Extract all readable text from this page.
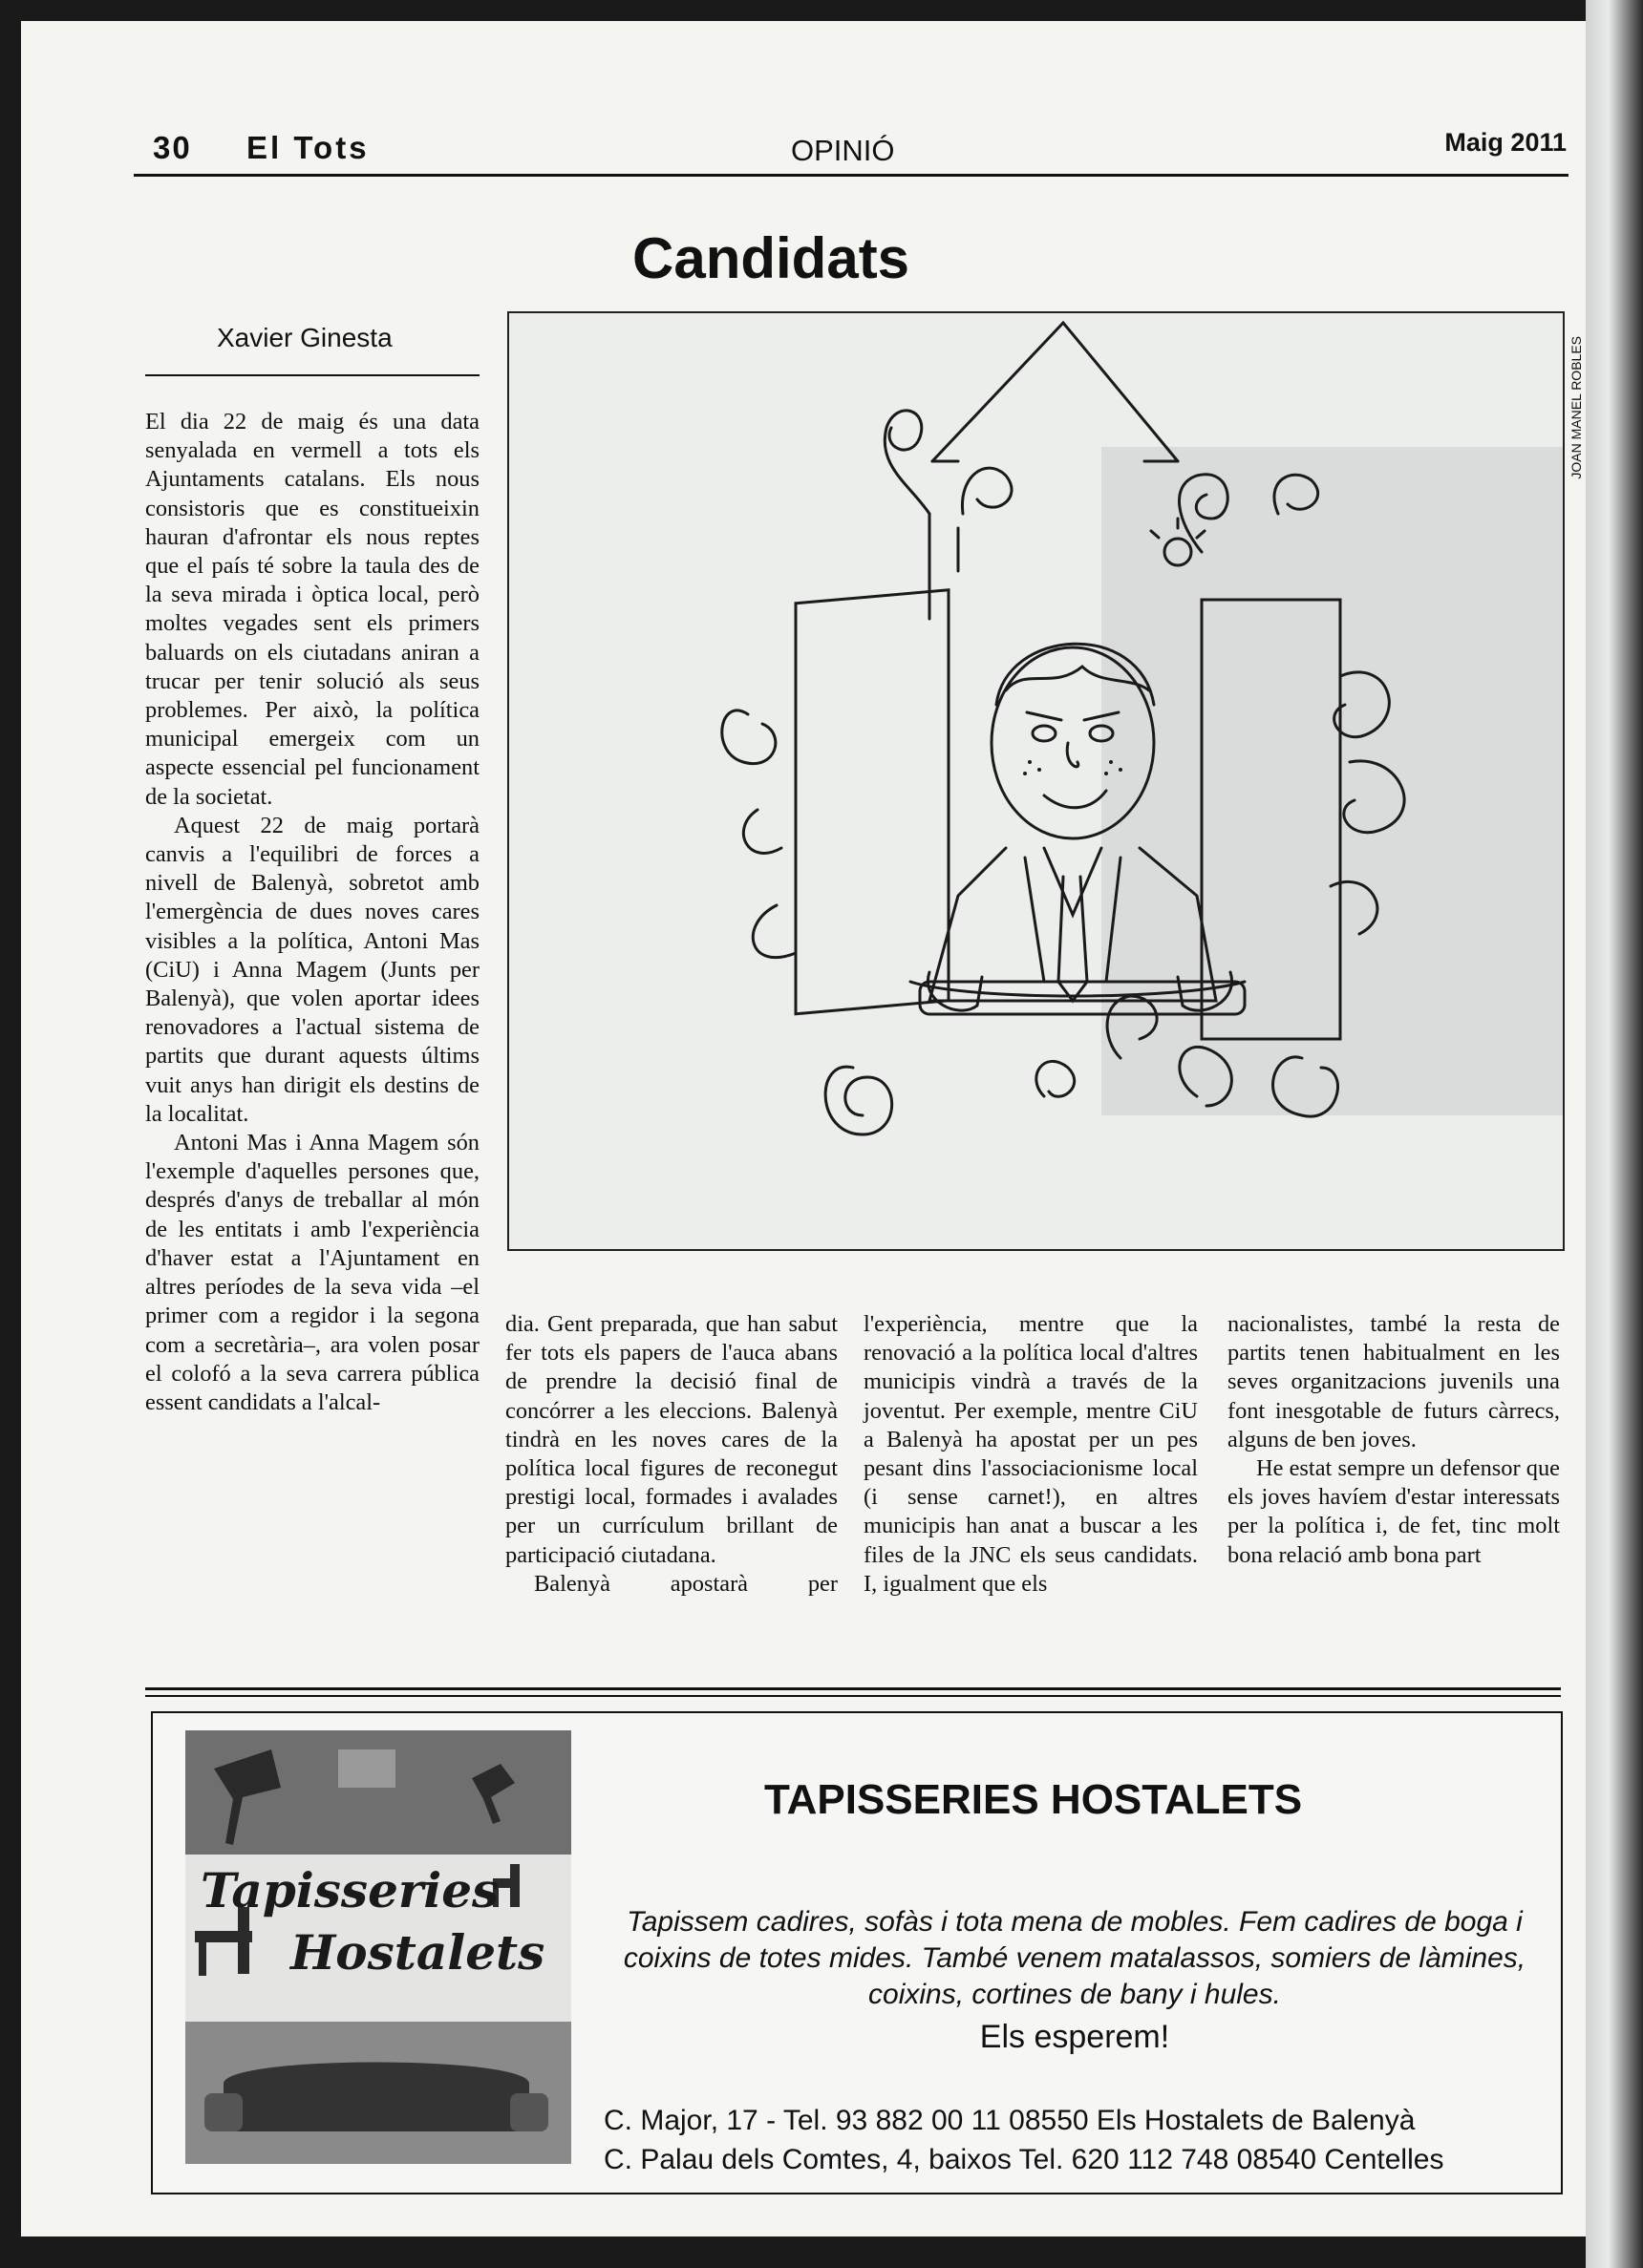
30 El Tots	OPINIÓ	Maig 2011
Candidats
Xavier Ginesta

El dia 22 de maig és una data senyalada en vermell a tots els Ajuntaments catalans. Els nous consistoris que es constitueixin hauran d'afrontar els nous reptes que el país té sobre la taula des de la seva mirada i òptica local, però moltes vegades sent els primers baluards on els ciutadans aniran a trucar per tenir solució als seus problemes. Per això, la política municipal emergeix com un aspecte essencial pel funcionament de la societat.

Aquest 22 de maig portarà canvis a l'equilibri de forces a nivell de Balenyà, sobretot amb l'emergència de dues noves cares visibles a la política, Antoni Mas (CiU) i Anna Magem (Junts per Balenyà), que volen aportar idees renovadores a l'actual sistema de partits que durant aquests últims vuit anys han dirigit els destins de la localitat.

Antoni Mas i Anna Magem són l'exemple d'aquelles persones que, després d'anys de treballar al món de les entitats i amb l'experiència d'haver estat a l'Ajuntament en altres períodes de la seva vida –el primer com a regidor i la segona com a secretària–, ara volen posar el colofó a la seva carrera pública essent candidats a l'alcal-

JOAN MANEL ROBLES

dia. Gent preparada, que han sabut fer tots els papers de l'auca abans de prendre la decisió final de concórrer a les eleccions. Balenyà tindrà en les noves cares de la política local figures de reconegut prestigi local, formades i avalades per un currículum brillant de participació ciutadana.

Balenyà apostarà per

l'experiència, mentre que la renovació a la política local d'altres municipis vindrà a través de la joventut. Per exemple, mentre CiU a Balenyà ha apostat per un pes pesant dins l'associacionisme local (i sense carnet!), en altres municipis han anat a buscar a les files de la JNC els seus candidats. I, igualment que els

nacionalistes, també la resta de partits tenen habitualment en les seves organitzacions juvenils una font inesgotable de futurs càrrecs, alguns de ben joves.

He estat sempre un defensor que els joves havíem d'estar interessats per la política i, de fet, tinc molt bona relació amb bona part

Tapisseries
Hostalets
TAPISSERIES HOSTALETS
Tapissem cadires, sofàs i tota mena de mobles. Fem cadires de boga i coixins de totes mides. També venem matalassos, somiers de làmines, coixins, cortines de bany i hules.
Els esperem!
C. Major, 17 - Tel. 93 882 00 11 08550 Els Hostalets de Balenyà
C. Palau dels Comtes, 4, baixos Tel. 620 112 748 08540 Centelles
